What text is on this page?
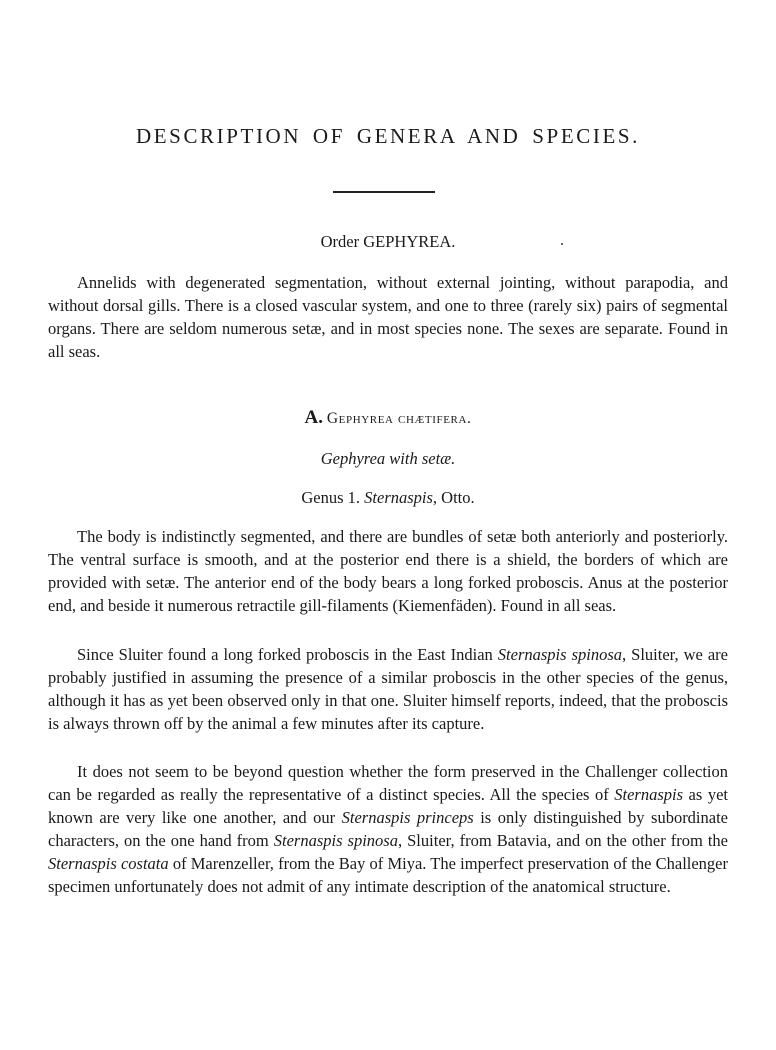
DESCRIPTION OF GENERA AND SPECIES.
Order GEPHYREA.

Annelids with degenerated segmentation, without external jointing, without parapodia, and without dorsal gills. There is a closed vascular system, and one to three (rarely six) pairs of segmental organs. There are seldom numerous setæ, and in most species none. The sexes are separate. Found in all seas.

A. Gephyrea chætifera.
Gephyrea with setæ.
Genus 1. Sternaspis, Otto.

The body is indistinctly segmented, and there are bundles of setæ both anteriorly and posteriorly. The ventral surface is smooth, and at the posterior end there is a shield, the borders of which are provided with setæ. The anterior end of the body bears a long forked proboscis. Anus at the posterior end, and beside it numerous retractile gill-filaments (Kiemenfäden). Found in all seas.

Since Sluiter found a long forked proboscis in the East Indian Sternaspis spinosa, Sluiter, we are probably justified in assuming the presence of a similar proboscis in the other species of the genus, although it has as yet been observed only in that one. Sluiter himself reports, indeed, that the proboscis is always thrown off by the animal a few minutes after its capture.

It does not seem to be beyond question whether the form preserved in the Challenger collection can be regarded as really the representative of a distinct species. All the species of Sternaspis as yet known are very like one another, and our Sternaspis princeps is only distinguished by subordinate characters, on the one hand from Sternaspis spinosa, Sluiter, from Batavia, and on the other from the Sternaspis costata of Marenzeller, from the Bay of Miya. The imperfect preservation of the Challenger specimen unfortunately does not admit of any intimate description of the anatomical structure.
